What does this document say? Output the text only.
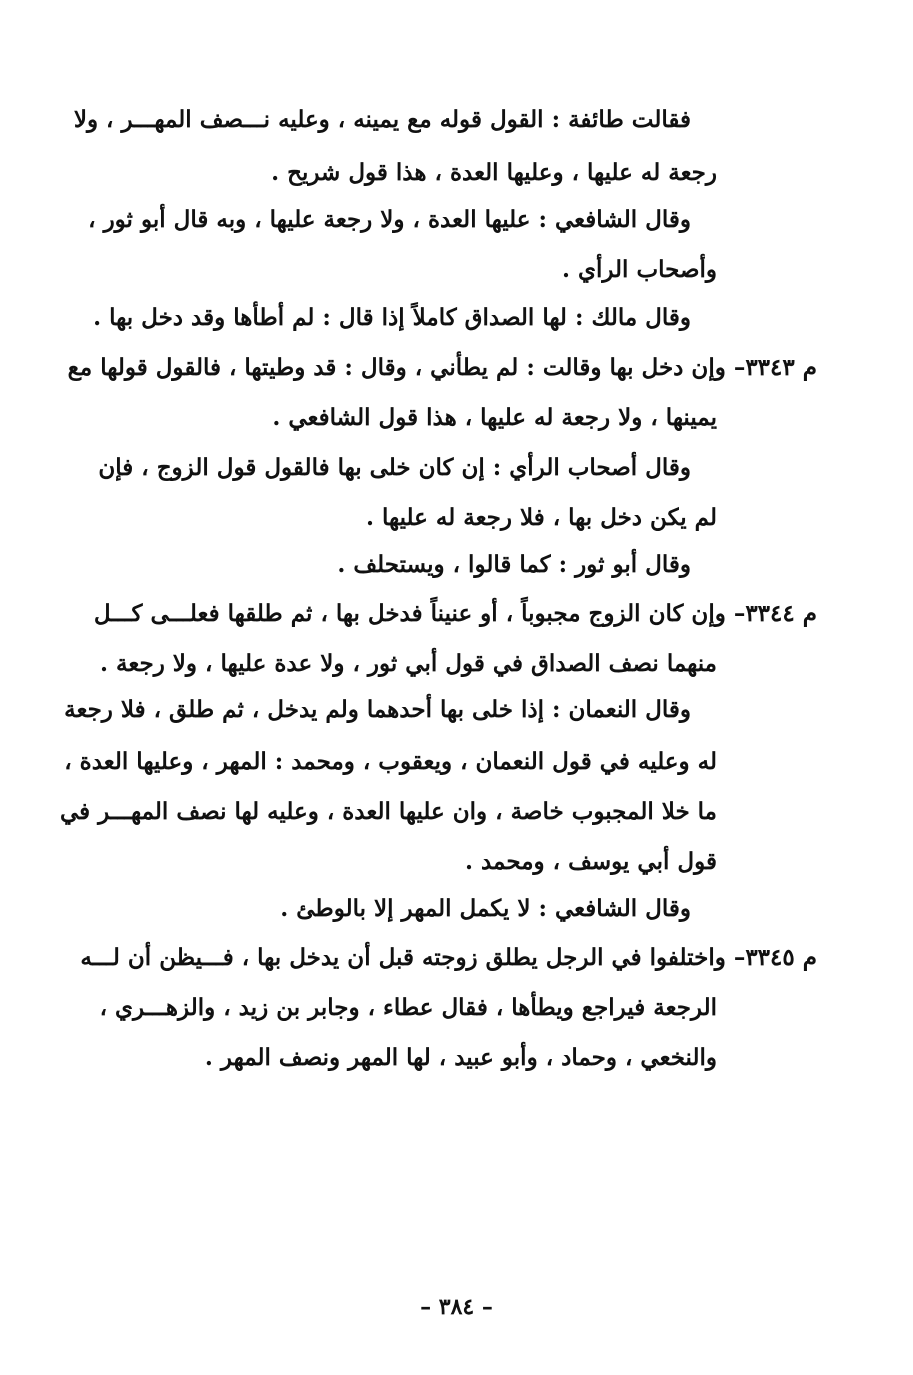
فقالت طائفة : القول قوله مع يمينه ، وعليه نـــصف المهـــر ، ولا
رجعة له عليها ، وعليها العدة ، هذا قول شريح .
وقال الشافعي : عليها العدة ، ولا رجعة عليها ، وبه قال أبو ثور ،
وأصحاب الرأي .
وقال مالك : لها الصداق كاملاً إذا قال : لم أطأها وقد دخل بها .
م ٣٣٤٣– وإن دخل بها وقالت : لم يطأني ، وقال : قد وطيتها ، فالقول قولها مع
يمينها ، ولا رجعة له عليها ، هذا قول الشافعي .
وقال أصحاب الرأي : إن كان خلى بها فالقول قول الزوج ، فإن
لم يكن دخل بها ، فلا رجعة له عليها .
وقال أبو ثور : كما قالوا ، ويستحلف .
م ٣٣٤٤– وإن كان الزوج مجبوباً ، أو عنيناً فدخل بها ، ثم طلقها فعلـــى كـــل
منهما نصف الصداق في قول أبي ثور ، ولا عدة عليها ، ولا رجعة .
وقال النعمان : إذا خلى بها أحدهما ولم يدخل ، ثم طلق ، فلا رجعة
له وعليه في قول النعمان ، ويعقوب ، ومحمد : المهر ، وعليها العدة ،
ما خلا المجبوب خاصة ، وان عليها العدة ، وعليه لها نصف المهـــر في
قول أبي يوسف ، ومحمد .
وقال الشافعي : لا يكمل المهر إلا بالوطئ .
م ٣٣٤٥– واختلفوا في الرجل يطلق زوجته قبل أن يدخل بها ، فـــيظن أن لـــه
الرجعة فيراجع ويطأها ، فقال عطاء ، وجابر بن زيد ، والزهـــري ،
والنخعي ، وحماد ، وأبو عبيد ، لها المهر ونصف المهر .
– ٣٨٤ –
